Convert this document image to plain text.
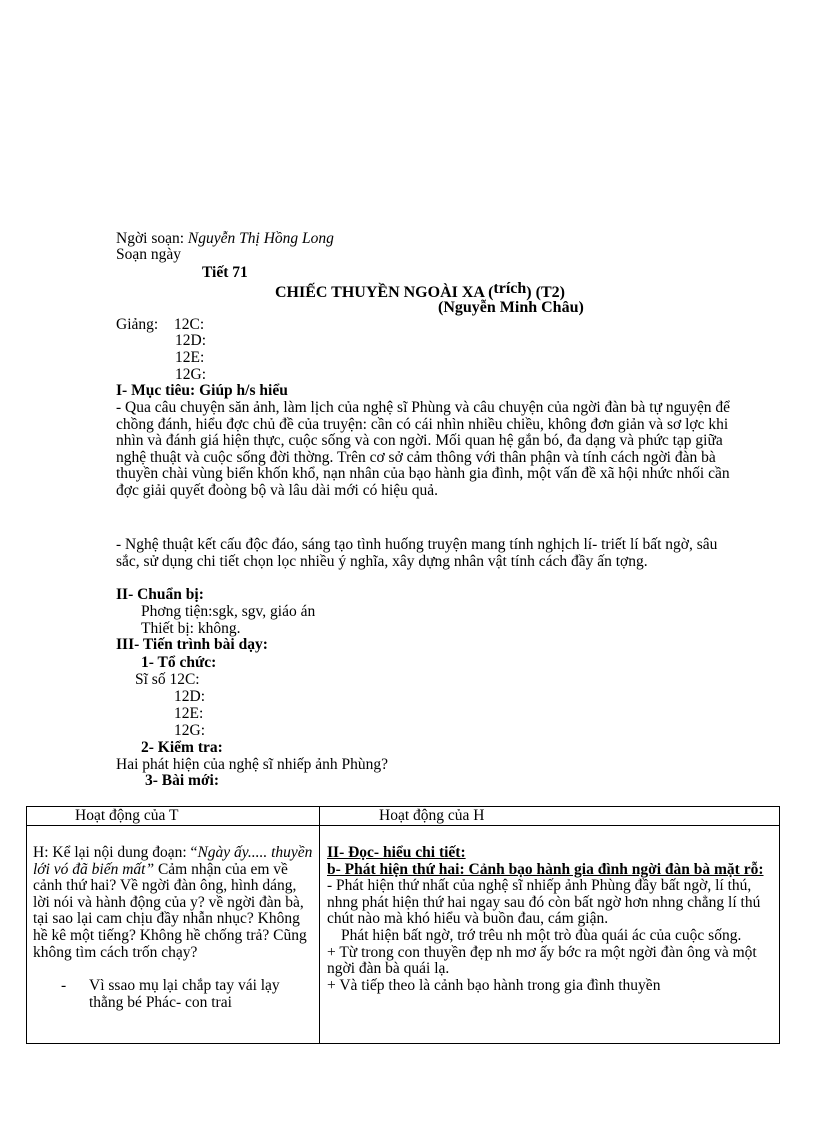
Ngời soạn: Nguyễn Thị Hồng Long
Soạn ngày
Tiết 71
CHIẾC THUYỀN NGOÀI XA (trích) (T2)
(Nguyễn Minh Châu)
Giảng: 12C:
12D:
12E:
12G:
I- Mục tiêu: Giúp h/s hiểu
- Qua câu chuyện săn ảnh, làm lịch của nghệ sĩ Phùng và câu chuyện của ngời đàn bà tự nguyện để chồng đánh, hiểu đợc chủ đề của truyện: cần có cái nhìn nhiều chiều, không đơn giản và sơ lợc khi nhìn và đánh giá hiện thực, cuộc sống và con ngời. Mối quan hệ gắn bó, đa dạng và phức tạp giữa nghệ thuật và cuộc sống đời thờng. Trên cơ sở cảm thông với thân phận và tính cách ngời đàn bà thuyền chài vùng biển khốn khổ, nạn nhân của bạo hành gia đình, một vấn đề xã hội nhức nhối cần đợc giải quyết đoòng bộ và lâu dài mới có hiệu quả.
- Nghệ thuật kết cấu độc đáo, sáng tạo tình huống truyện mang tính nghịch lí- triết lí bất ngờ, sâu sắc, sử dụng chi tiết chọn lọc nhiều ý nghĩa, xây dựng nhân vật tính cách đầy ấn tợng.
II- Chuẩn bị:
Phơng tiện:sgk, sgv, giáo án
Thiết bị: không.
III- Tiến trình bài dạy:
1- Tổ chức:
Sĩ số 12C:
12D:
12E:
12G:
2- Kiểm tra:
Hai phát hiện của nghệ sĩ nhiếp ảnh Phùng?
3- Bài mới:
Hoạt động của T	Hoạt động của H

H: Kể lại nội dung đoạn: “Ngày ấy..... thuyền lới vó đã biến mất” Cảm nhận của em về cảnh thứ hai? Về ngời đàn ông, hình dáng, lời nói và hành động của y? về ngời đàn bà, tại sao lại cam chịu đầy nhẫn nhục? Không hề kê một tiếng? Không hề chống trả? Cũng không tìm cách trốn chạy?

- Vì ssao mụ lại chắp tay vái lạy thằng bé Phác- con trai

II- Đọc- hiểu chi tiết:

b- Phát hiện thứ hai: Cảnh bạo hành gia đình ngời đàn bà mặt rỗ:

- Phát hiện thứ nhất của nghệ sĩ nhiếp ảnh Phùng đầy bất ngờ, lí thú, nhng phát hiện thứ hai ngay sau đó còn bất ngờ hơn nhng chẳng lí thú chút nào mà khó hiểu và buồn đau, cám giận.

Phát hiện bất ngờ, trớ trêu nh một trò đùa quái ác của cuộc sống.

+ Từ trong con thuyền đẹp nh mơ ấy bớc ra một ngời đàn ông và một ngời đàn bà quái lạ.

+ Và tiếp theo là cảnh bạo hành trong gia đình thuyền
